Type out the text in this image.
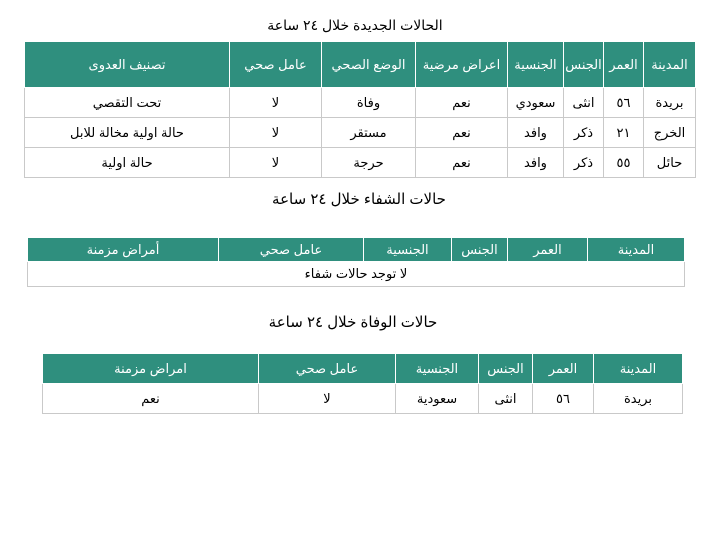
الحالات الجديدة خلال ٢٤ ساعة
المدينة	العمر	الجنس	الجنسية	اعراض مرضية	الوضع الصحي	عامل صحي	تصنيف العدوى
بريدة	٥٦	انثى	سعودي	نعم	وفاة	لا	تحت التقصي
الخرج	٢١	ذكر	وافد	نعم	مستقر	لا	حالة اولية مخالة للابل
حائل	٥٥	ذكر	وافد	نعم	حرجة	لا	حالة اولية
حالات الشفاء خلال ٢٤ ساعة
المدينة	العمر	الجنس	الجنسية	عامل صحي	أمراض مزمنة
لا توجد حالات شفاء
حالات الوفاة خلال ٢٤ ساعة
المدينة	العمر	الجنس	الجنسية	عامل صحي	امراض مزمنة
بريدة	٥٦	انثى	سعودية	لا	نعم
